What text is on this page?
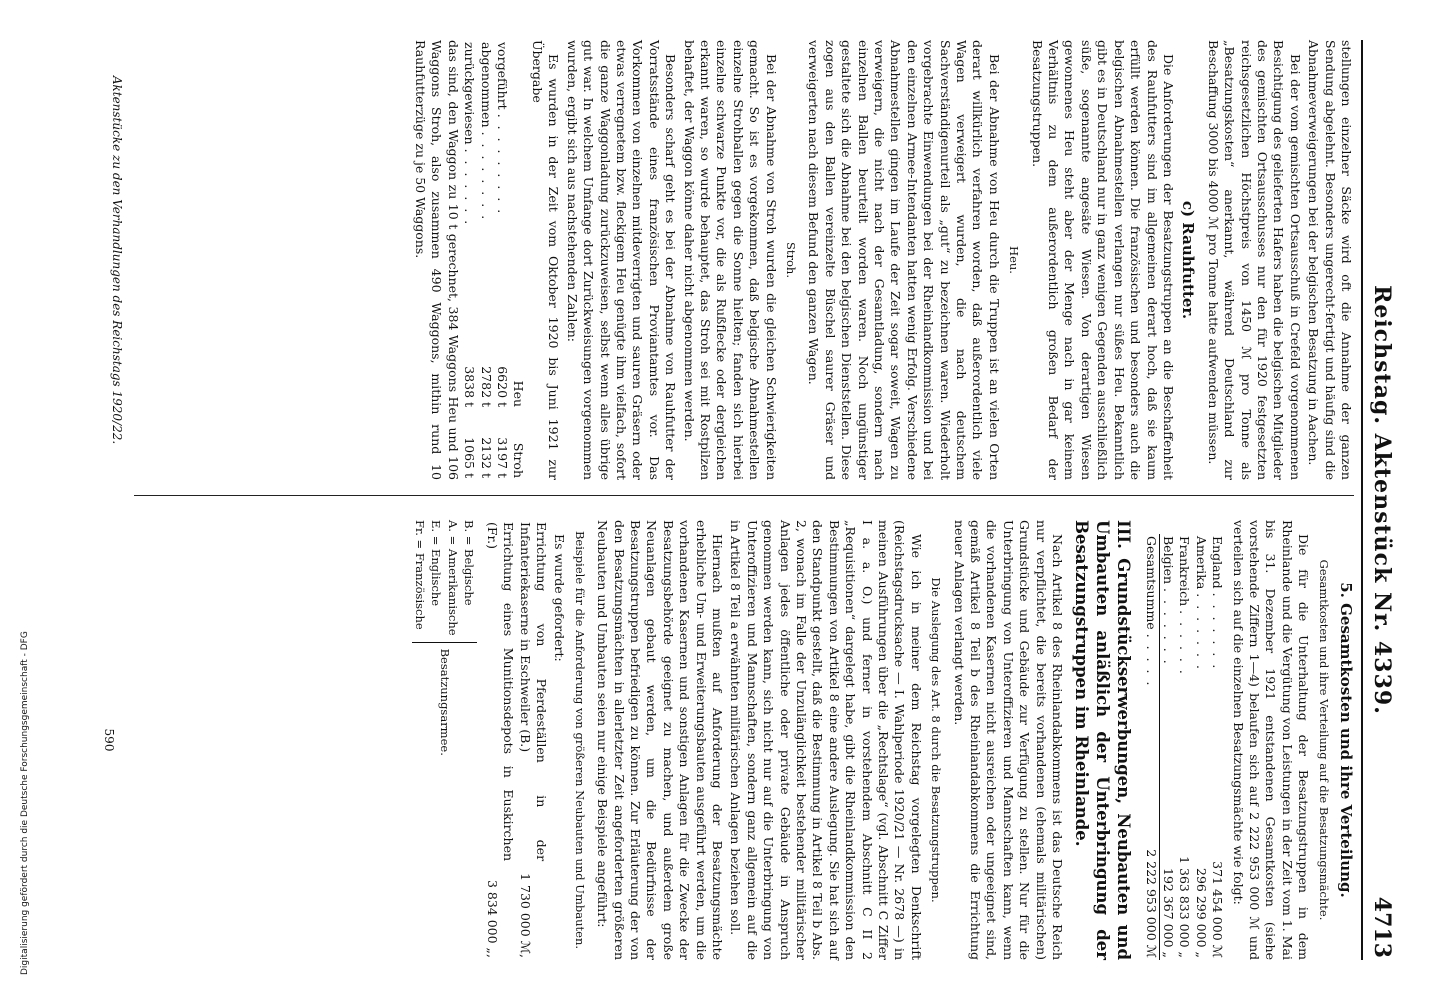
Reichstag. Aktenstück Nr. 4339.
4713

stellungen einzelner Säcke wird oft die Annahme der ganzen Sendung abgelehnt. Besonders ungerecht-fertigt und häufig sind die Abnahmeverweigerungen bei der belgischen Besatzung in Aachen.

Bei der vom gemischten Ortsausschuß in Crefeld vorgenommenen Besichtigung des gelieferten Hafers haben die belgischen Mitglieder des gemischten Ortsausschusses nur den für 1920 festgesetzten reichsgesetzlichen Höchstpreis von 1450 ℳ pro Tonne als „Besatzungskosten“ anerkannt, während Deutschland zur Beschaffung 3000 bis 4000 ℳ pro Tonne hatte aufwenden müssen.

c) Rauhfutter.

Die Anforderungen der Besatzungstruppen an die Beschaffenheit des Rauhfutters sind im allgemeinen derart hoch, daß sie kaum erfüllt werden können. Die französischen und besonders auch die belgischen Abnahmestellen verlangen nur süßes Heu. Bekanntlich gibt es in Deutschland nur in ganz wenigen Gegenden ausschließlich süße, sogenannte angesäte Wiesen. Von derartigen Wiesen gewonnenes Heu steht aber der Menge nach in gar keinem Verhältnis zu dem außerordentlich großen Bedarf der Besatzungstruppen.

Heu.

Bei der Abnahme von Heu durch die Truppen ist an vielen Orten derart willkürlich verfahren worden, daß außerordentlich viele Wagen verweigert wurden, die nach deutschem Sachverständigenurteil als „gut“ zu bezeichnen waren. Wiederholt vorgebrachte Einwendungen bei der Rheinlandkommission und bei den einzelnen Armee-Intendanten hatten wenig Erfolg. Verschiedene Abnahmestellen gingen im Laufe der Zeit sogar soweit, Wagen zu verweigern, die nicht nach der Gesamtladung, sondern nach einzelnen Ballen beurteilt worden waren. Noch ungünstiger gestaltete sich die Abnahme bei den belgischen Dienststellen. Diese zogen aus den Ballen vereinzelte Büschel saurer Gräser und verweigerten nach diesem Befund den ganzen Wagen.

Stroh.

Bei der Abnahme von Stroh wurden die gleichen Schwierigkeiten gemacht. So ist es vorgekommen, daß belgische Abnahmestellen einzelne Strohballen gegen die Sonne hielten; fanden sich hierbei einzelne schwarze Punkte vor, die als Rußflecke oder dergleichen erkannt waren, so wurde behauptet, das Stroh sei mit Rostpilzen behaftet, der Waggon könne daher nicht abgenommen werden.

Besonders scharf geht es bei der Abnahme von Rauhfutter der Vorratsstände eines französischen Proviantamtes vor. Das Vorkommen von einzelnen mitdeverrigten und sauren Gräsern oder etwas verregnetem bzw. fleckigem Heu genügte ihm vielfach, sofort die ganze Waggonladung zurückzuweisen, selbst wenn alles übrige gut war. In welchem Umfange dort Zurückweisungen vorgenommen wurden, ergibt sich aus nachstehenden Zahlen:

Es wurden in der Zeit vom Oktober 1920 bis Juni 1921 zur Übergabe

	Heu	Stroh
vorgeführt . . . . . . . . .	6620 t	3197 t
abgenommen . . . . . . . .	2782 t	2132 t
zurückgewiesen . . . . . . .	3838 t	1065 t

das sind, den Waggon zu 10 t gerechnet, 384 Waggons Heu und 106 Waggons Stroh, also zusammen 490 Waggons, mithin rund 10 Rauhfutterzüge zu je 50 Waggons.

5. Gesamtkosten und ihre Verteilung.
Gesamtkosten und ihre Verteilung auf die Besatzungsmächte.

Die für die Unterhaltung der Besatzungstruppen in dem Rheinlande und die Vergütung von Leistungen in der Zeit vom 1. Mai bis 31. Dezember 1921 entstandenen Gesamtkosten (siehe vorstehende Ziffern 1—4) belaufen sich auf 2 222 953 000 ℳ und verteilen sich auf die einzelnen Besatzungsmächte wie folgt:

England . . . . . . .	371 454 000 ℳ
Amerika . . . . . . .	296 299 000 „
Frankreich . . . . . .	1 363 833 000 „
Belgien . . . . . . .	192 367 000 „
Gesamtsumme . . . . .	2 222 953 000 ℳ
III. Grundstückserwerbungen, Neubauten und Umbauten anläßlich der Unterbringung der Besatzungstruppen im Rheinlande.

Nach Artikel 8 des Rheinlandabkommens ist das Deutsche Reich nur verpflichtet, die bereits vorhandenen (ehemals militärischen) Grundstücke und Gebäude zur Verfügung zu stellen. Nur für die Unterbringung von Unteroffizieren und Mannschaften kann, wenn die vorhandenen Kasernen nicht ausreichen oder ungeeignet sind, gemäß Artikel 8 Teil b des Rheinlandabkommens die Errichtung neuer Anlagen verlangt werden.

Die Auslegung des Art. 8 durch die Besatzungstruppen.

Wie ich in meiner dem Reichstag vorgelegten Denkschrift (Reichstagsdrucksache — I. Wahlperiode 1920/21 — Nr. 2678 —) in meinen Ausführungen über die „Rechtslage“ (vgl. Abschnitt C Ziffer I a. a. O.) und ferner in vorstehendem Abschnitt C II 2 „Requisitionen“ dargelegt habe, gibt die Rheinlandkommission den Bestimmungen von Artikel 8 eine andere Auslegung. Sie hat sich auf den Standpunkt gestellt, daß die Bestimmung in Artikel 8 Teil b Abs. 2, wonach im Falle der Unzulänglichkeit bestehender militärischer Anlagen jedes öffentliche oder private Gebäude in Anspruch genommen werden kann, sich nicht nur auf die Unterbringung von Unteroffizieren und Mannschaften, sondern ganz allgemein auf die in Artikel 8 Teil a erwähnten militärischen Anlagen beziehen soll.

Hiernach mußten auf Anforderung der Besatzungsmächte erhebliche Um- und Erweiterungsbauten ausgeführt werden, um die vorhandenen Kasernen und sonstigen Anlagen für die Zwecke der Besatzungsbehörde geeignet zu machen, und außerdem große Neuanlagen gebaut werden, um die Bedürfnisse der Besatzungstruppen befriedigen zu können. Zur Erläuterung der von den Besatzungsmächten in allerletzter Zeit angeforderten größeren Neubauten und Umbauten seien nur einige Beispiele angeführt:

Beispiele für die Anforderung von größeren Neubauten und Umbauten.

Es wurde gefordert:

Errichtung von Pferdeställen in der Infanteriekaserne in Eschweiler (B.)	1 730 000 ℳ,
Errichtung eines Munitionsdepots in Euskirchen (Fr.)	3 834 000 „,
B. = Belgische
A. = Amerikanische
E. = Englische
Fr. = Französische
Besatzungsarmee.
Aktenstücke zu den Verhandlungen des Reichstags 1920/22.
590
Digitalisierung gefördert durch die Deutsche Forschungsgemeinschaft - DFG
